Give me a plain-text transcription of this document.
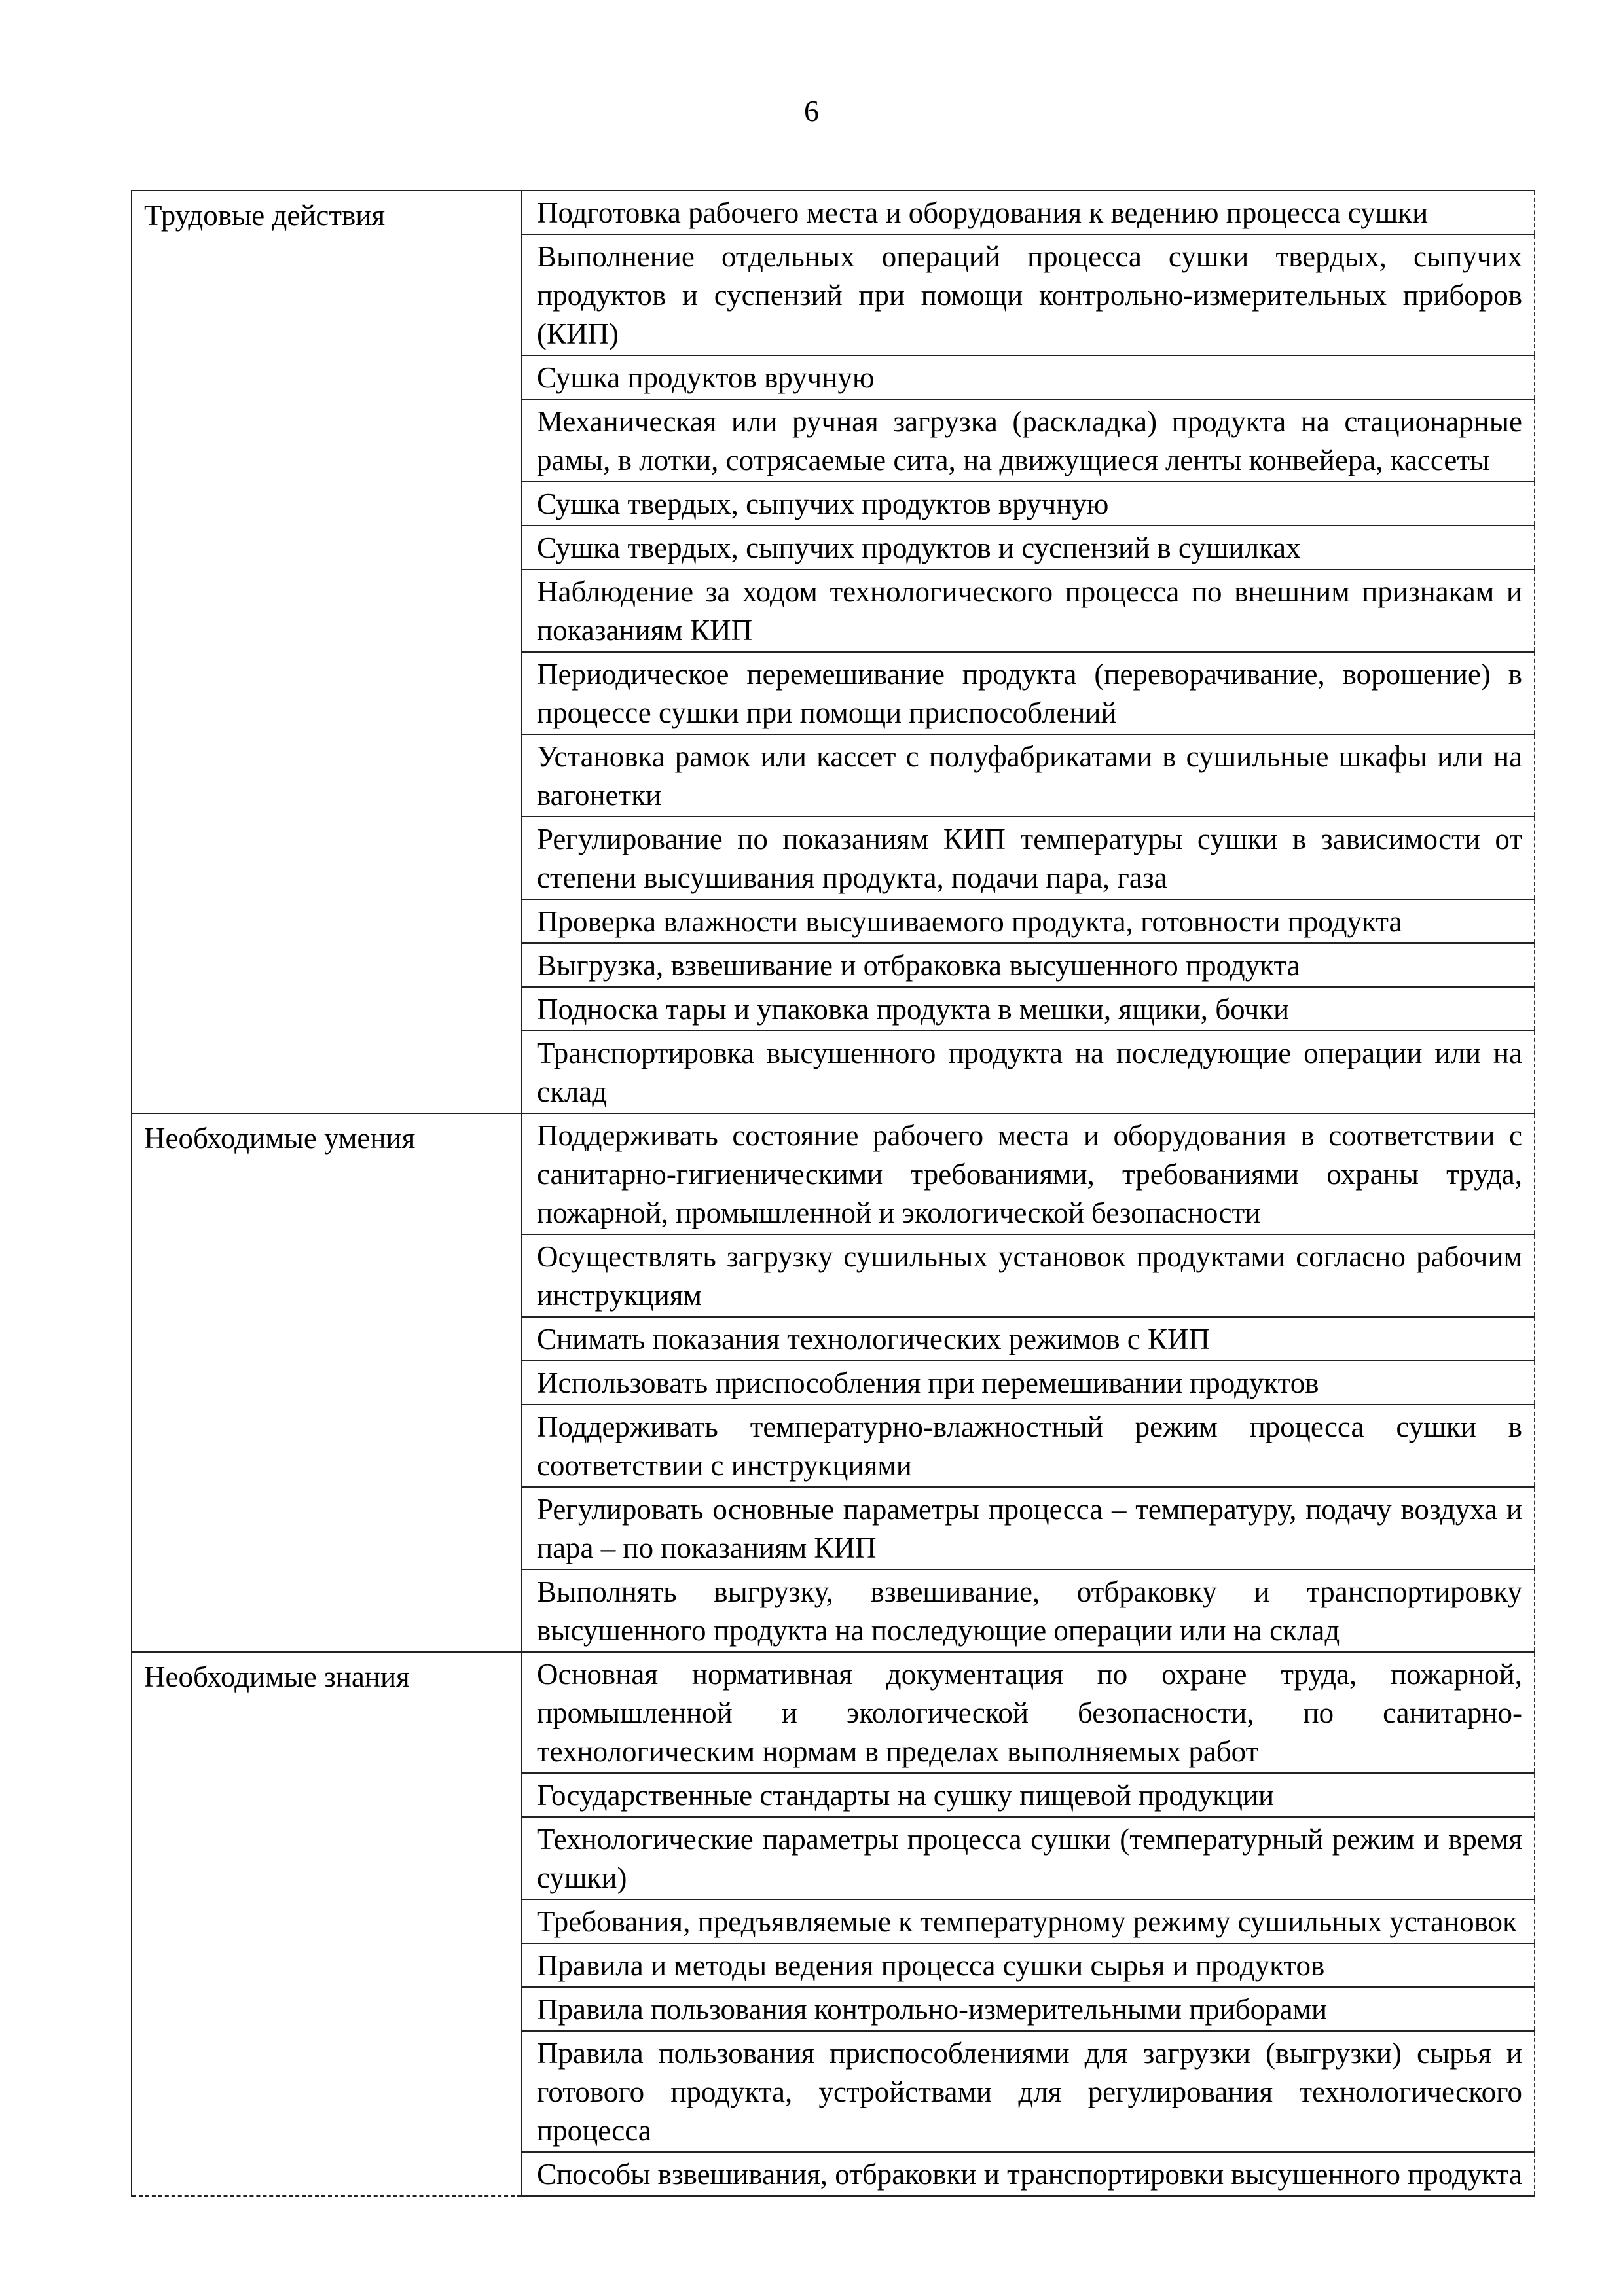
6
Трудовые действия	Подготовка рабочего места и оборудования к ведению процесса сушки

	Выполнение отдельных операций процесса сушки твердых, сыпучих продуктов и суспензий при помощи контрольно-измерительных приборов (КИП)

	Сушка продуктов вручную

	Механическая или ручная загрузка (раскладка) продукта на стационарные рамы, в лотки, сотрясаемые сита, на движущиеся ленты конвейера, кассеты

	Сушка твердых, сыпучих продуктов вручную

	Сушка твердых, сыпучих продуктов и суспензий в сушилках

	Наблюдение за ходом технологического процесса по внешним признакам и показаниям КИП

	Периодическое перемешивание продукта (переворачивание, ворошение) в процессе сушки при помощи приспособлений

	Установка рамок или кассет с полуфабрикатами в сушильные шкафы или на вагонетки

	Регулирование по показаниям КИП температуры сушки в зависимости от степени высушивания продукта, подачи пара, газа

	Проверка влажности высушиваемого продукта, готовности продукта

	Выгрузка, взвешивание и отбраковка высушенного продукта

	Подноска тары и упаковка продукта в мешки, ящики, бочки

	Транспортировка высушенного продукта на последующие операции или на склад

Необходимые умения	Поддерживать состояние рабочего места и оборудования в соответствии с санитарно-гигиеническими требованиями, требованиями охраны труда, пожарной, промышленной и экологической безопасности

	Осуществлять загрузку сушильных установок продуктами согласно рабочим инструкциям

	Снимать показания технологических режимов с КИП

	Использовать приспособления при перемешивании продуктов

	Поддерживать температурно-влажностный режим процесса сушки в соответствии с инструкциями

	Регулировать основные параметры процесса – температуру, подачу воздуха и пара – по показаниям КИП

	Выполнять выгрузку, взвешивание, отбраковку и транспортировку высушенного продукта на последующие операции или на склад

Необходимые знания	Основная нормативная документация по охране труда, пожарной, промышленной и экологической безопасности, по санитарно-технологическим нормам в пределах выполняемых работ

	Государственные стандарты на сушку пищевой продукции

	Технологические параметры процесса сушки (температурный режим и время сушки)

	Требования, предъявляемые к температурному режиму сушильных установок

	Правила и методы ведения процесса сушки сырья и продуктов

	Правила пользования контрольно-измерительными приборами

	Правила пользования приспособлениями для загрузки (выгрузки) сырья и готового продукта, устройствами для регулирования технологического процесса

	Способы взвешивания, отбраковки и транспортировки высушенного продукта
